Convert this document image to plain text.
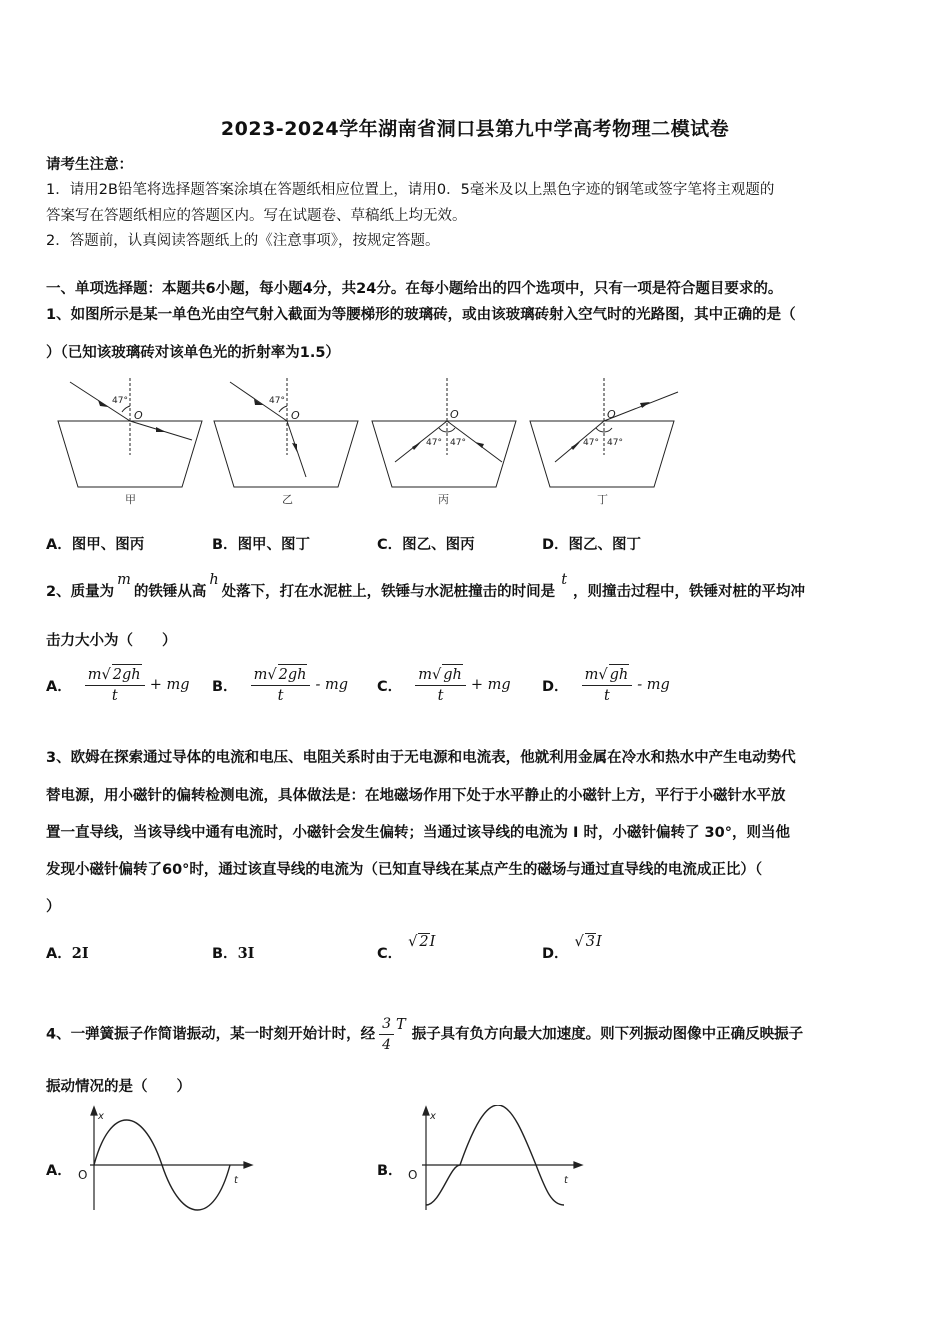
2023-2024学年湖南省洞口县第九中学高考物理二模试卷
请考生注意：
1．请用2B铅笔将选择题答案涂填在答题纸相应位置上，请用0．5毫米及以上黑色字迹的钢笔或签字笔将主观题的
答案写在答题纸相应的答题区内。写在试题卷、草稿纸上均无效。
2．答题前，认真阅读答题纸上的《注意事项》，按规定答题。
一、单项选择题：本题共6小题，每小题4分，共24分。在每小题给出的四个选项中，只有一项是符合题目要求的。
1、如图所示是某一单色光由空气射入截面为等腰梯形的玻璃砖，或由该玻璃砖射入空气时的光路图，其中正确的是（
）（已知该玻璃砖对该单色光的折射率为1.5）
47°
O
47°
O	O
47° 47°
O
47° 47°
甲	乙	丙	丁
A．图甲、图丙	B．图甲、图丁	C．图乙、图丙	D．图乙、图丁
2、质量为m的铁锤从高h处落下，打在水泥桩上，铁锤与水泥桩撞击的时间是t，则撞击过程中，铁锤对桩的平均冲
击力大小为（　　）
A． $\frac{m√ 2gh}{t}$ + mg B． $\frac{m√ 2gh}{t}$ - mg C． $\frac{m√ gh}{t}$ + mg D． $\frac{m√ gh}{t}$ - mg
3、欧姆在探索通过导体的电流和电压、电阻关系时由于无电源和电流表，他就利用金属在冷水和热水中产生电动势代
替电源，用小磁针的偏转检测电流，具体做法是：在地磁场作用下处于水平静止的小磁针上方，平行于小磁针水平放
置一直导线，当该导线中通有电流时，小磁针会发生偏转；当通过该导线的电流为 I 时，小磁针偏转了 30°，则当他
发现小磁针偏转了60°时，通过该直导线的电流为（已知直导线在某点产生的磁场与通过直导线的电流成正比）（
）
A．2I	B．3I	C．√ 2I
D．√ 3I
4、一弹簧振子作简谐振动，某一时刻开始计时，经 $\frac{3}{4}$ T振子具有负方向最大加速度。则下列振动图像中正确反映振子
振动情况的是（　　）
A．
x
t
O	B．
x
t
O
